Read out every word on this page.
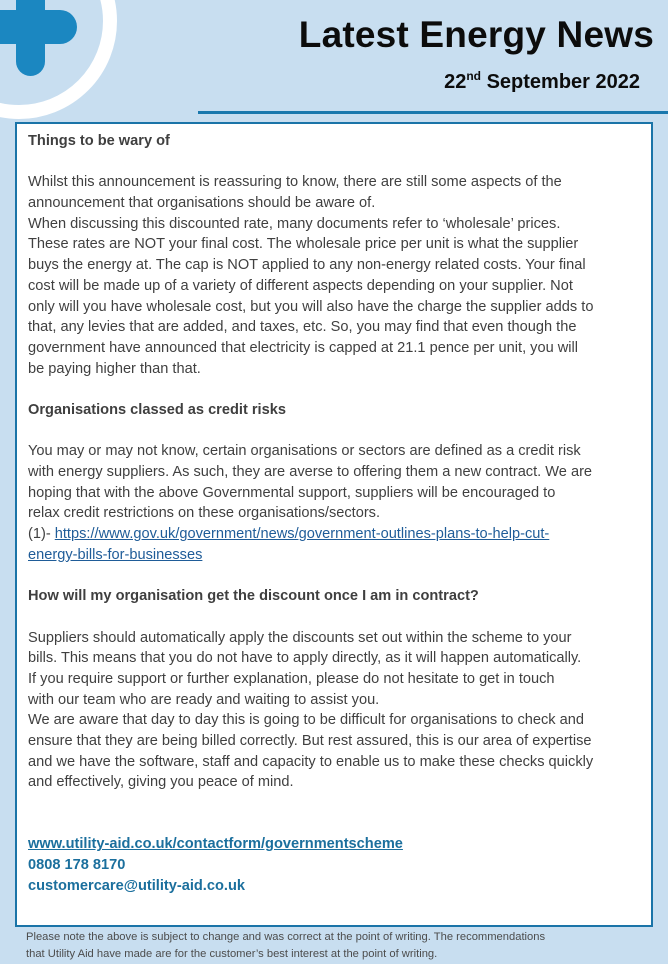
Latest Energy News
22nd September 2022
Things to be wary of
Whilst this announcement is reassuring to know, there are still some aspects of the
announcement that organisations should be aware of.
When discussing this discounted rate, many documents refer to ‘wholesale’ prices.
These rates are NOT your final cost. The wholesale price per unit is what the supplier
buys the energy at. The cap is NOT applied to any non-energy related costs. Your final
cost will be made up of a variety of different aspects depending on your supplier. Not
only will you have wholesale cost, but you will also have the charge the supplier adds to
that, any levies that are added, and taxes, etc. So, you may find that even though the
government have announced that electricity is capped at 21.1 pence per unit, you will
be paying higher than that.
Organisations classed as credit risks
You may or may not know, certain organisations or sectors are defined as a credit risk
with energy suppliers. As such, they are averse to offering them a new contract. We are
hoping that with the above Governmental support, suppliers will be encouraged to
relax credit restrictions on these organisations/sectors.
(1)- https://www.gov.uk/government/news/government-outlines-plans-to-help-cut-
energy-bills-for-businesses
How will my organisation get the discount once I am in contract?
Suppliers should automatically apply the discounts set out within the scheme to your
bills. This means that you do not have to apply directly, as it will happen automatically.
If you require support or further explanation, please do not hesitate to get in touch
with our team who are ready and waiting to assist you.
We are aware that day to day this is going to be difficult for organisations to check and
ensure that they are being billed correctly. But rest assured, this is our area of expertise
and we have the software, staff and capacity to enable us to make these checks quickly
and effectively, giving you peace of mind.
www.utility-aid.co.uk/contactform/governmentscheme
0808 178 8170
customercare@utility-aid.co.uk
Please note the above is subject to change and was correct at the point of writing. The recommendations
that Utility Aid have made are for the customer’s best interest at the point of writing.
